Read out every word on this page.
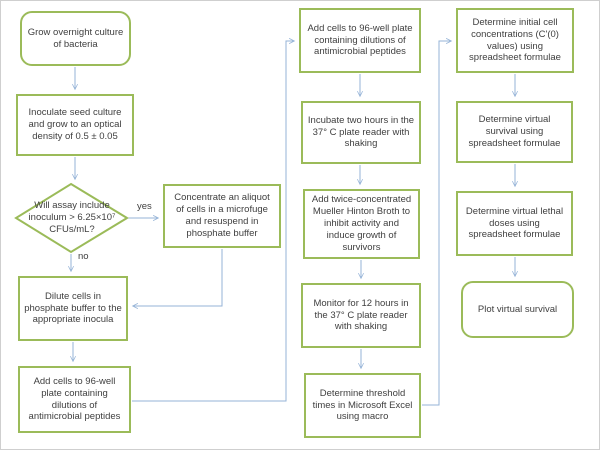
Grow overnight culture of bacteria
Inoculate seed culture and grow to an optical density of 0.5 ± 0.05
Will assay include inoculum > 6.25×10⁷ CFUs/mL?
Concentrate an aliquot of cells in a microfuge and resuspend in phosphate buffer
Dilute cells in phosphate buffer to the appropriate inocula
Add cells to 96-well plate containing dilutions of antimicrobial peptides
Add cells to 96-well plate containing dilutions of antimicrobial peptides
Incubate two hours in the 37° C plate reader with shaking
Add twice-concentrated Mueller Hinton Broth to inhibit activity and induce growth of survivors
Monitor for 12 hours in the 37° C plate reader with shaking
Determine threshold times in Microsoft Excel using macro
Determine initial cell concentrations (C'(0) values) using spreadsheet formulae
Determine virtual survival using spreadsheet formulae
Determine virtual lethal doses using spreadsheet formulae
Plot virtual survival
yes
no
